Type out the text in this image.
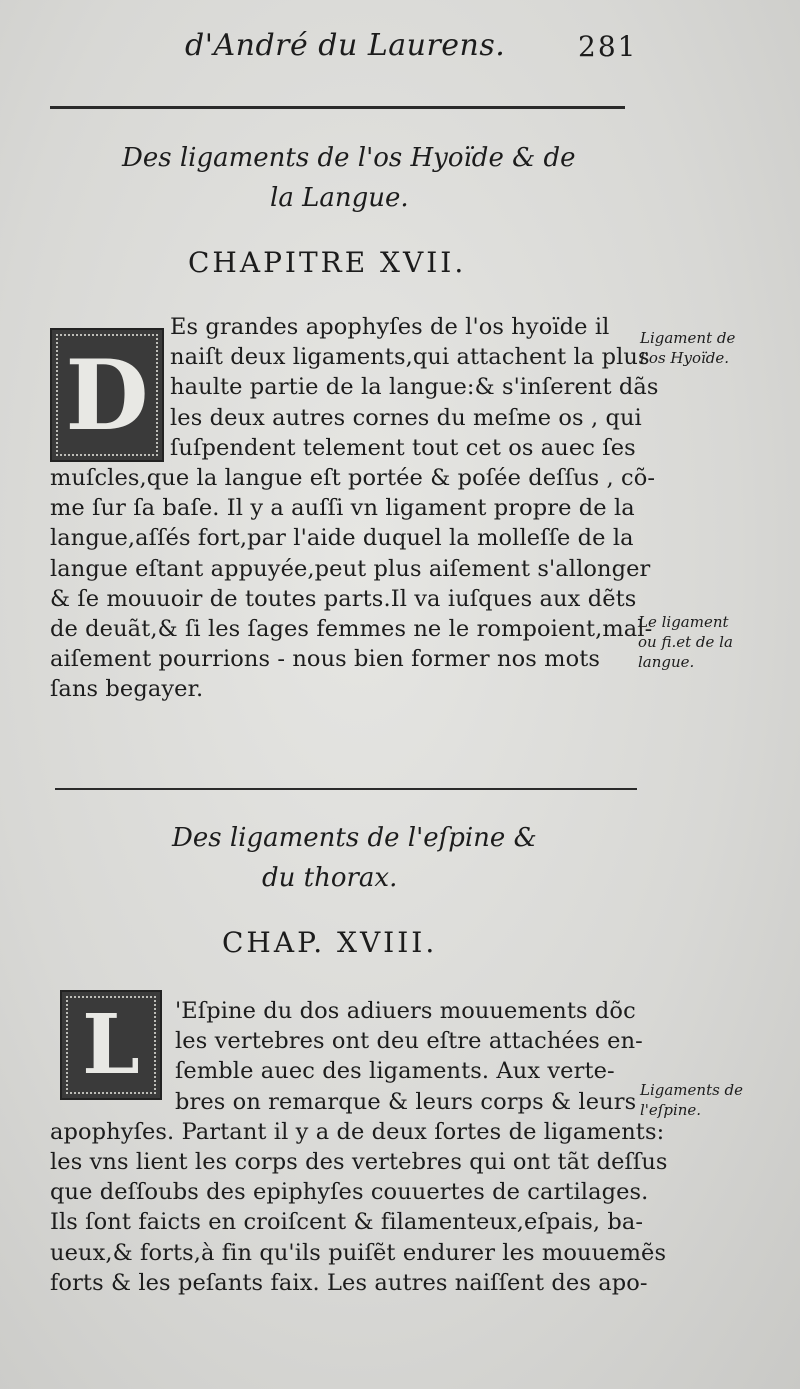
d'André du Laurens.	281
Des ligaments de l'os Hyoïde & de
la Langue.
CHAPITRE XVII.
D
Es grandes apophyſes de l'os hyoïde il
naiſt deux ligaments,qui attachent la plus
haulte partie de la langue:& s'inſerent dãs
les deux autres cornes du meſme os , qui
ſuſpendent telement tout cet os auec ſes
muſcles,que la langue eſt portée & poſée deſſus , cõ-
me ſur ſa baſe. Il y a auſſi vn ligament propre de la
langue,aſſés fort,par l'aide duquel la molleſſe de la
langue eſtant appuyée,peut plus aiſement s'allonger
& ſe mouuoir de toutes parts.Il va iuſques aux dẽts
de deuãt,& ſi les ſages femmes ne le rompoient,mal-
aiſement pourrions - nous bien former nos mots
ſans begayer.
Ligament de
l'os Hyoïde.
Le ligament
ou fi.et de la
langue.
Des ligaments de l'eſpine &
du thorax.
CHAP. XVIII.
L	'Eſpine du dos adiuers mouuements dõc
les vertebres ont deu eſtre attachées en-
ſemble auec des ligaments. Aux verte-
bres on remarque & leurs corps & leurs
apophyſes. Partant il y a de deux ſortes de ligaments:
les vns lient les corps des vertebres qui ont tãt deſſus
que deſſoubs des epiphyſes couuertes de cartilages.
Ils ſont faicts en croiſcent & filamenteux,eſpais, ba-
ueux,& forts,à fin qu'ils puiſẽt endurer les mouuemẽs
forts & les peſants faix. Les autres naiſſent des apo-
Ligaments de
l'eſpine.
